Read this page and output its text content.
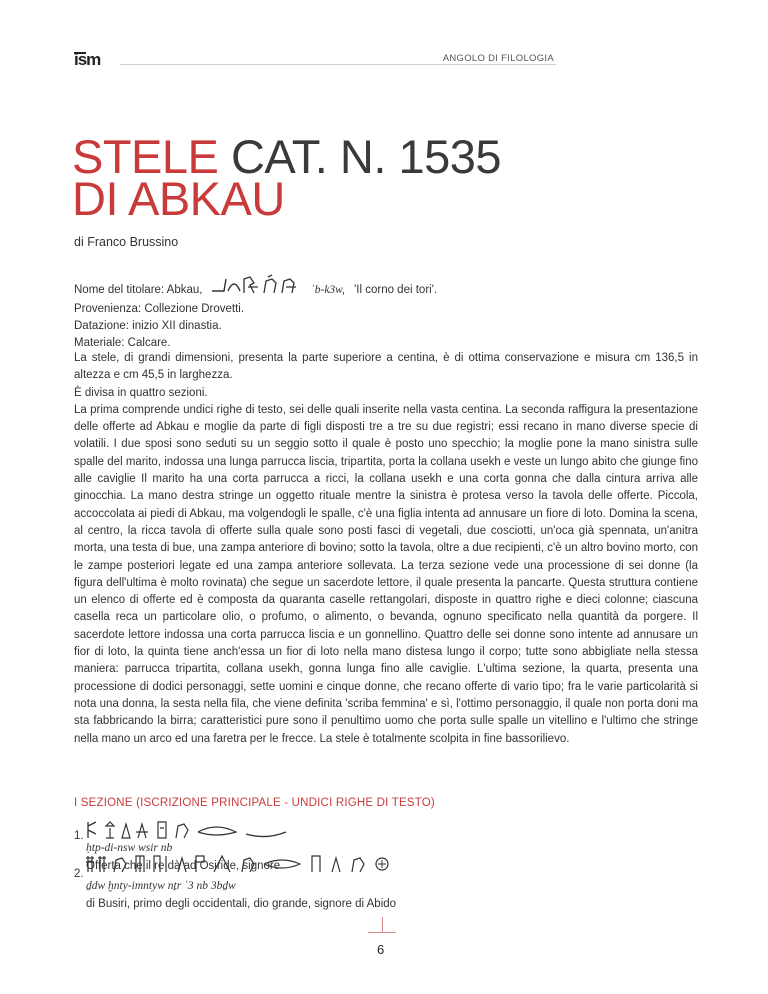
ism	ANGOLO DI FILOLOGIA
STELE CAT. N. 1535
DI ABKAU
di Franco Brussino
Nome del titolare: Abkau,	ʿb-k3w, 'Il corno dei tori'.
Provenienza: Collezione Drovetti.
Datazione: inizio XII dinastia.
Materiale: Calcare.

La stele, di grandi dimensioni, presenta la parte superiore a centina, è di ottima conservazione e misura cm 136,5 in altezza e cm 45,5 in larghezza.

È divisa in quattro sezioni.

La prima comprende undici righe di testo, sei delle quali inserite nella vasta centina. La seconda raffigura la presentazione delle offerte ad Abkau e moglie da parte di figli disposti tre a tre su due registri; essi recano in mano diverse specie di volatili. I due sposi sono seduti su un seggio sotto il quale è posto uno specchio; la moglie pone la mano sinistra sulle spalle del marito, indossa una lunga parrucca liscia, tripartita, porta la collana usekh e veste un lungo abito che giunge fino alle caviglie Il marito ha una corta parrucca a ricci, la collana usekh e una corta gonna che dalla cintura arriva alle ginocchia. La mano destra stringe un oggetto rituale mentre la sinistra è protesa verso la tavola delle offerte. Piccola, accoccolata ai piedi di Abkau, ma volgendogli le spalle, c'è una figlia intenta ad annusare un fiore di loto. Domina la scena, al centro, la ricca tavola di offerte sulla quale sono posti fasci di vegetali, due cosciotti, un'oca già spennata, un'anitra morta, una testa di bue, una zampa anteriore di bovino; sotto la tavola, oltre a due recipienti, c'è un altro bovino morto, con le zampe posteriori legate ed una zampa anteriore sollevata. La terza sezione vede una processione di sei donne (la figura dell'ultima è molto rovinata) che segue un sacerdote lettore, il quale presenta la pancarte. Questa struttura contiene un elenco di offerte ed è composta da quaranta caselle rettangolari, disposte in quattro righe e dieci colonne; ciascuna casella reca un particolare olio, o profumo, o alimento, o bevanda, ognuno specificato nella quantità da porgere. Il sacerdote lettore indossa una corta parrucca liscia e un gonnellino. Quattro delle sei donne sono intente ad annusare un fior di loto, la quinta tiene anch'essa un fior di loto nella mano distesa lungo il corpo; tutte sono abbigliate nella stessa maniera: parrucca tripartita, collana usekh, gonna lunga fino alle caviglie. L'ultima sezione, la quarta, presenta una processione di dodici personaggi, sette uomini e cinque donne, che recano offerte di vario tipo; fra le varie particolarità si nota una donna, la sesta nella fila, che viene definita 'scriba femmina' e sì, l'ottimo personaggio, il quale non porta doni ma sta fabbricando la birra; caratteristici pure sono il penultimo uomo che porta sulle spalle un vitellino e l'ultimo che stringe nella mano un arco ed una faretra per le frecce. La stele è totalmente scolpita in fine bassorilievo.

I SEZIONE (ISCRIZIONE PRINCIPALE - UNDICI RIGHE DI TESTO)
1.
ḥtp-di-nsw wsir nb
Offerta che il re dà ad Osiride, signore
2.
ḏdw ḫnty-imntyw nṯr ʿ3 nb 3bḏw
di Busiri, primo degli occidentali, dio grande, signore di Abido
6
